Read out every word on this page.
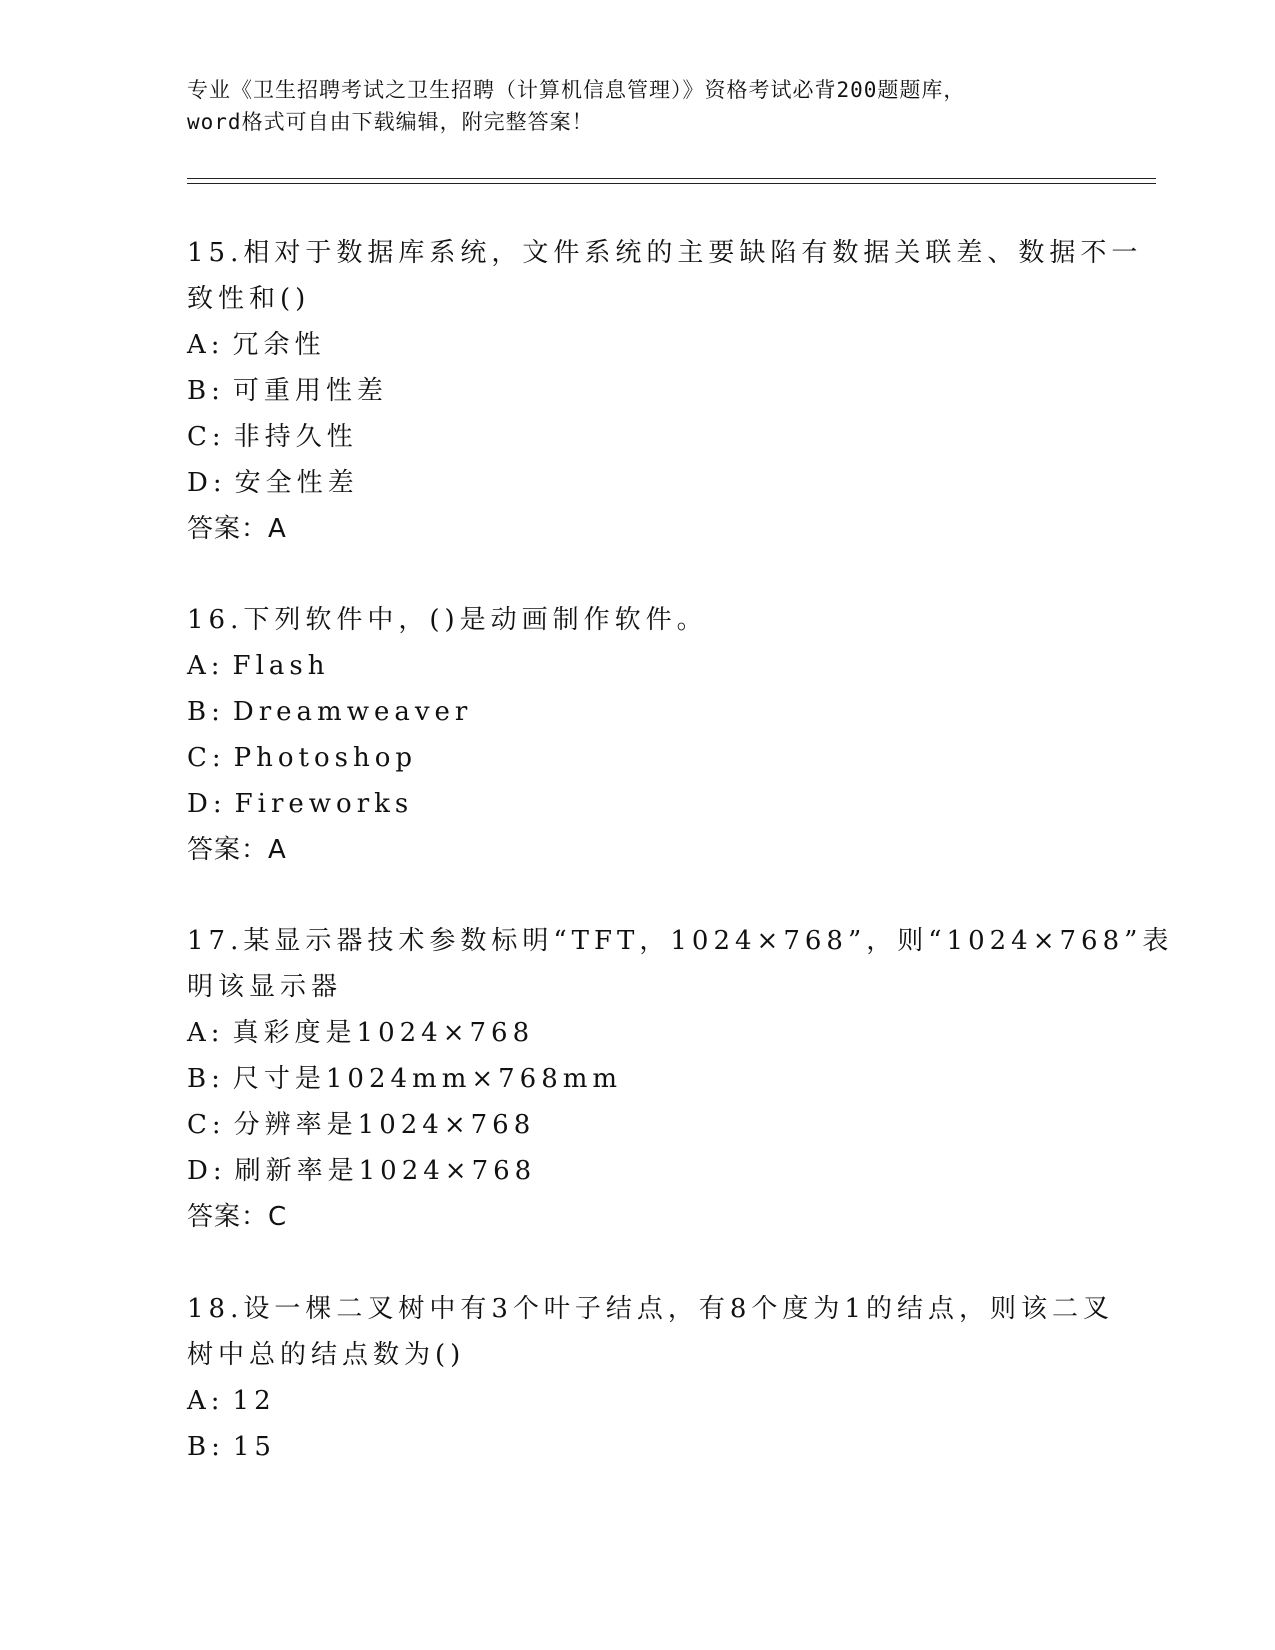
专业《卫生招聘考试之卫生招聘（计算机信息管理）》资格考试必背200题题库，
word格式可自由下载编辑，附完整答案！
15.相对于数据库系统，文件系统的主要缺陷有数据关联差、数据不一
致性和()
A: 冗余性
B: 可重用性差
C: 非持久性
D: 安全性差
答案：A
16.下列软件中，()是动画制作软件。
A: Flash
B: Dreamweaver
C: Photoshop
D: Fireworks
答案：A
17.某显示器技术参数标明“TFT，1024×768”，则“1024×768”表
明该显示器
A: 真彩度是1024×768
B: 尺寸是1024mm×768mm
C: 分辨率是1024×768
D: 刷新率是1024×768
答案：C
18.设一棵二叉树中有3个叶子结点，有8个度为1的结点，则该二叉
树中总的结点数为()
A: 12
B: 15
